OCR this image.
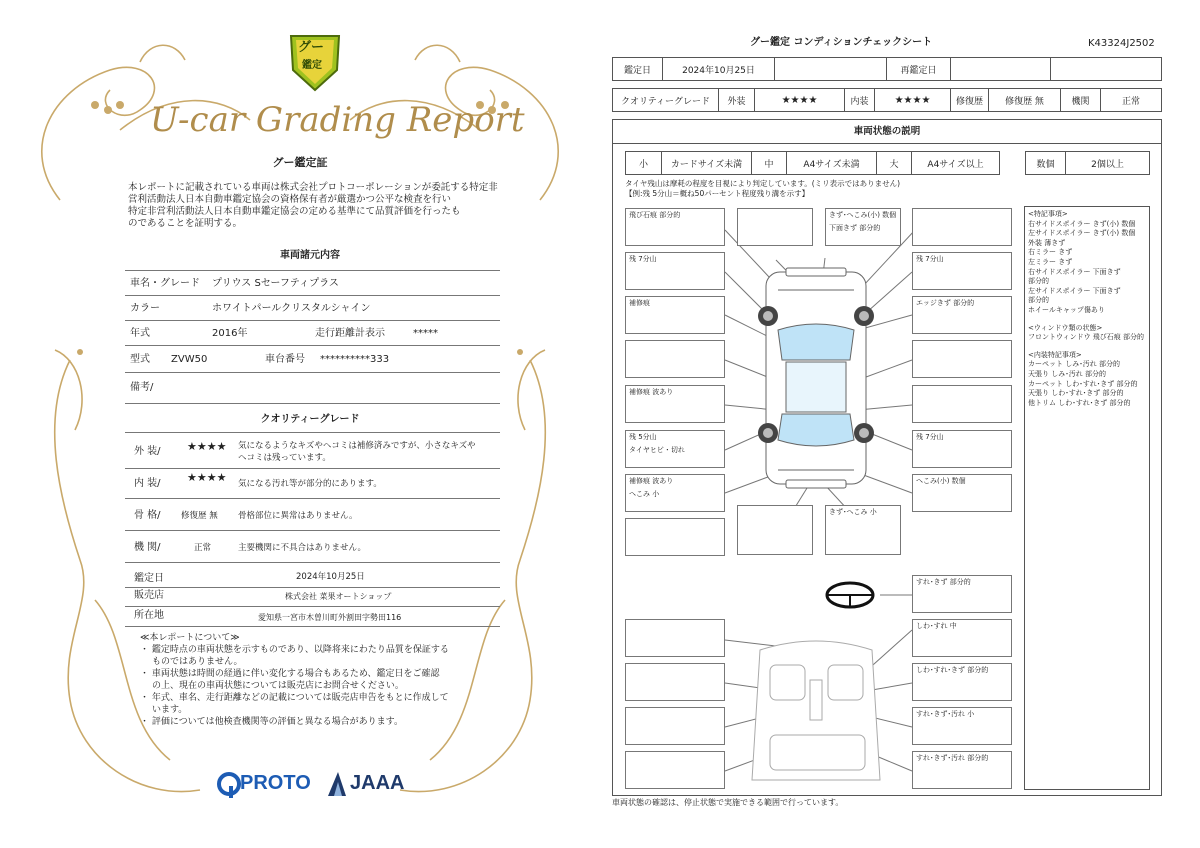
グー
鑑定
U-car Grading Report
グー鑑定証
本レポートに記載されている車両は株式会社プロトコーポレーションが委託する特定非
営利活動法人日本自動車鑑定協会の資格保有者が厳選かつ公平な検査を行い
特定非営利活動法人日本自動車鑑定協会の定める基準にて品質評価を行ったも
のであることを証明する。
車両諸元内容
車名・グレード プリウス Sセーフティプラス
カラー	ホワイトパールクリスタルシャイン
年式	2016年	走行距離計表示	*****
型式 ZVW50	車台番号 **********333
備考/
クオリティーグレード
外 装/ ★★★★ 気になるようなキズやヘコミは補修済みですが、小さなキズや
ヘコミは残っています。
内 装/ ★★★★ 気になる汚れ等が部分的にあります。
骨 格/ 修復歴 無 骨格部位に異常はありません。
機 関/	正常	主要機関に不具合はありません。
鑑定日	2024年10月25日
販売店	株式会社 菜果オートショップ
所在地	愛知県一宮市木曽川町外割田字勢田116
≪本レポートについて≫
・ 鑑定時点の車両状態を示すものであり、以降将来にわたり品質を保証する
ものではありません。
・ 車両状態は時間の経過に伴い変化する場合もあるため、鑑定日をご確認
の上、現在の車両状態については販売店にお問合せください。
・ 年式、車名、走行距離などの記載については販売店申告をもとに作成して
います。
・ 評価については他検査機関等の評価と異なる場合があります。
PROTO JAAA
グー鑑定 コンディションチェックシート	K43324J2502
鑑定日	2024年10月25日	再鑑定日
クオリティーグレード	外装	★★★★	内装	★★★★	修復歴	修復歴 無	機関	正常
車両状態の説明
小	カードサイズ未満	中	A4サイズ未満	大	A4サイズ以上	数個	2個以上
タイヤ残山は摩耗の程度を目視により判定しています。(ミリ表示ではありません)
【例:残 5分山＝概ね50パーセント程度残り溝を示す】
<特記事項>
右サイドスポイラー きず(小) 数個
左サイドスポイラー きず(小) 数個
外装 薄きず
右ミラー きず
左ミラー きず
右サイドスポイラー 下面きず
部分的
左サイドスポイラー 下面きず
部分的
ホイールキャップ傷あり
<ウィンドウ類の状態>
フロントウィンドウ 飛び石痕 部分的
<内装特記事項>
カーペット しみ･汚れ 部分的
天張り しみ･汚れ 部分的
カーペット しわ･すれ･きず 部分的
天張り しわ･すれ･きず 部分的
他トリム しわ･すれ･きず 部分的
飛び石痕 部分的	きず･へこみ(小) 数個
下面きず 部分的
残 7分山	残 7分山
補修痕	エッジきず 部分的
補修痕 波あり
残 5分山
タイヤヒビ・切れ
残 7分山
補修痕 波あり
へこみ 小
へこみ(小) 数個
きず･へこみ 小
すれ･きず 部分的
しわ･すれ 中
しわ･すれ･きず 部分的
すれ･きず･汚れ 小
すれ･きず･汚れ 部分的
車両状態の確認は、停止状態で実施できる範囲で行っています。
